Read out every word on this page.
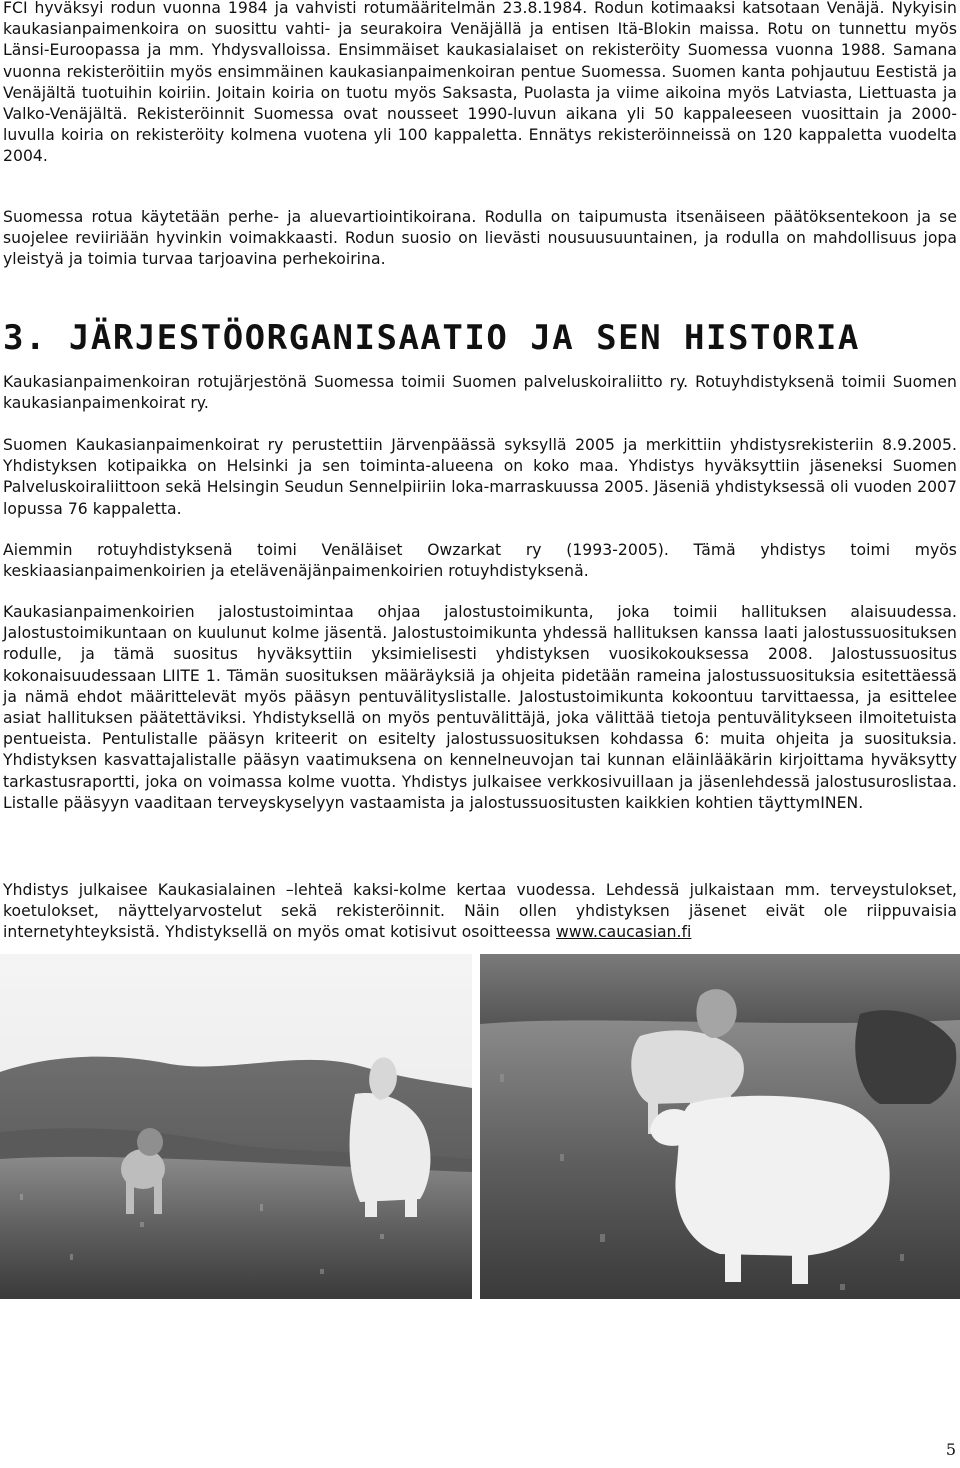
FCI hyväksyi rodun vuonna 1984 ja vahvisti rotumääritelmän 23.8.1984. Rodun kotimaaksi katsotaan Venäjä. Nykyisin kaukasianpaimenkoira on suosittu vahti- ja seurakoira Venäjällä ja entisen Itä-Blokin maissa. Rotu on tunnettu myös Länsi-Euroopassa ja mm. Yhdysvalloissa. Ensimmäiset kaukasialaiset on rekisteröity Suomessa vuonna 1988. Samana vuonna rekisteröitiin myös ensimmäinen kaukasianpaimenkoiran pentue Suomessa. Suomen kanta pohjautuu Eestistä ja Venäjältä tuotuihin koiriin. Joitain koiria on tuotu myös Saksasta, Puolasta ja viime aikoina myös Latviasta, Liettuasta ja Valko-Venäjältä. Rekisteröinnit Suomessa ovat nousseet 1990-luvun aikana yli 50 kappaleeseen vuosittain ja 2000-luvulla koiria on rekisteröity kolmena vuotena yli 100 kappaletta. Ennätys rekisteröinneissä on 120 kappaletta vuodelta 2004.

Suomessa rotua käytetään perhe- ja aluevartiointikoirana. Rodulla on taipumusta itsenäiseen päätöksentekoon ja se suojelee reviiriään hyvinkin voimakkaasti. Rodun suosio on lievästi nousuusuuntainen, ja rodulla on mahdollisuus jopa yleistyä ja toimia turvaa tarjoavina perhekoirina.

3. JÄRJESTÖORGANISAATIO JA SEN HISTORIA

Kaukasianpaimenkoiran rotujärjestönä Suomessa toimii Suomen palveluskoiraliitto ry. Rotuyhdistyksenä toimii Suomen kaukasianpaimenkoirat ry.

Suomen Kaukasianpaimenkoirat ry perustettiin Järvenpäässä syksyllä 2005 ja merkittiin yhdistysrekisteriin 8.9.2005. Yhdistyksen kotipaikka on Helsinki ja sen toiminta-alueena on koko maa. Yhdistys hyväksyttiin jäseneksi Suomen Palveluskoiraliittoon sekä Helsingin Seudun Sennelpiiriin loka-marraskuussa 2005. Jäseniä yhdistyksessä oli vuoden 2007 lopussa 76 kappaletta.

Aiemmin rotuyhdistyksenä toimi Venäläiset Owzarkat ry (1993-2005). Tämä yhdistys toimi myös keskiaasianpaimenkoirien ja etelävenäjänpaimenkoirien rotuyhdistyksenä.

Kaukasianpaimenkoirien jalostustoimintaa ohjaa jalostustoimikunta, joka toimii hallituksen alaisuudessa. Jalostustoimikuntaan on kuulunut kolme jäsentä. Jalostustoimikunta yhdessä hallituksen kanssa laati jalostussuosituksen rodulle, ja tämä suositus hyväksyttiin yksimielisesti yhdistyksen vuosikokouksessa 2008. Jalostussuositus kokonaisuudessaan LIITE 1. Tämän suosituksen määräyksiä ja ohjeita pidetään rameina jalostussuosituksia esitettäessä ja nämä ehdot määrittelevät myös pääsyn pentuvälityslistalle. Jalostustoimikunta kokoontuu tarvittaessa, ja esittelee asiat hallituksen päätettäviksi. Yhdistyksellä on myös pentuvälittäjä, joka välittää tietoja pentuvälitykseen ilmoitetuista pentueista. Pentulistalle pääsyn kriteerit on esitelty jalostussuosituksen kohdassa 6: muita ohjeita ja suosituksia. Yhdistyksen kasvattajalistalle pääsyn vaatimuksena on kennelneuvojan tai kunnan eläinlääkärin kirjoittama hyväksytty tarkastusraportti, joka on voimassa kolme vuotta. Yhdistys julkaisee verkkosivuillaan ja jäsenlehdessä jalostusuroslistaa. Listalle pääsyyn vaaditaan terveyskyselyyn vastaamista ja jalostussuositusten kaikkien kohtien täyttymINEN.

Yhdistys julkaisee Kaukasialainen –lehteä kaksi-kolme kertaa vuodessa. Lehdessä julkaistaan mm. terveystulokset, koetulokset, näyttelyarvostelut sekä rekisteröinnit. Näin ollen yhdistyksen jäsenet eivät ole riippuvaisia internetyhteyksistä. Yhdistyksellä on myös omat kotisivut osoitteessa www.caucasian.fi

5
